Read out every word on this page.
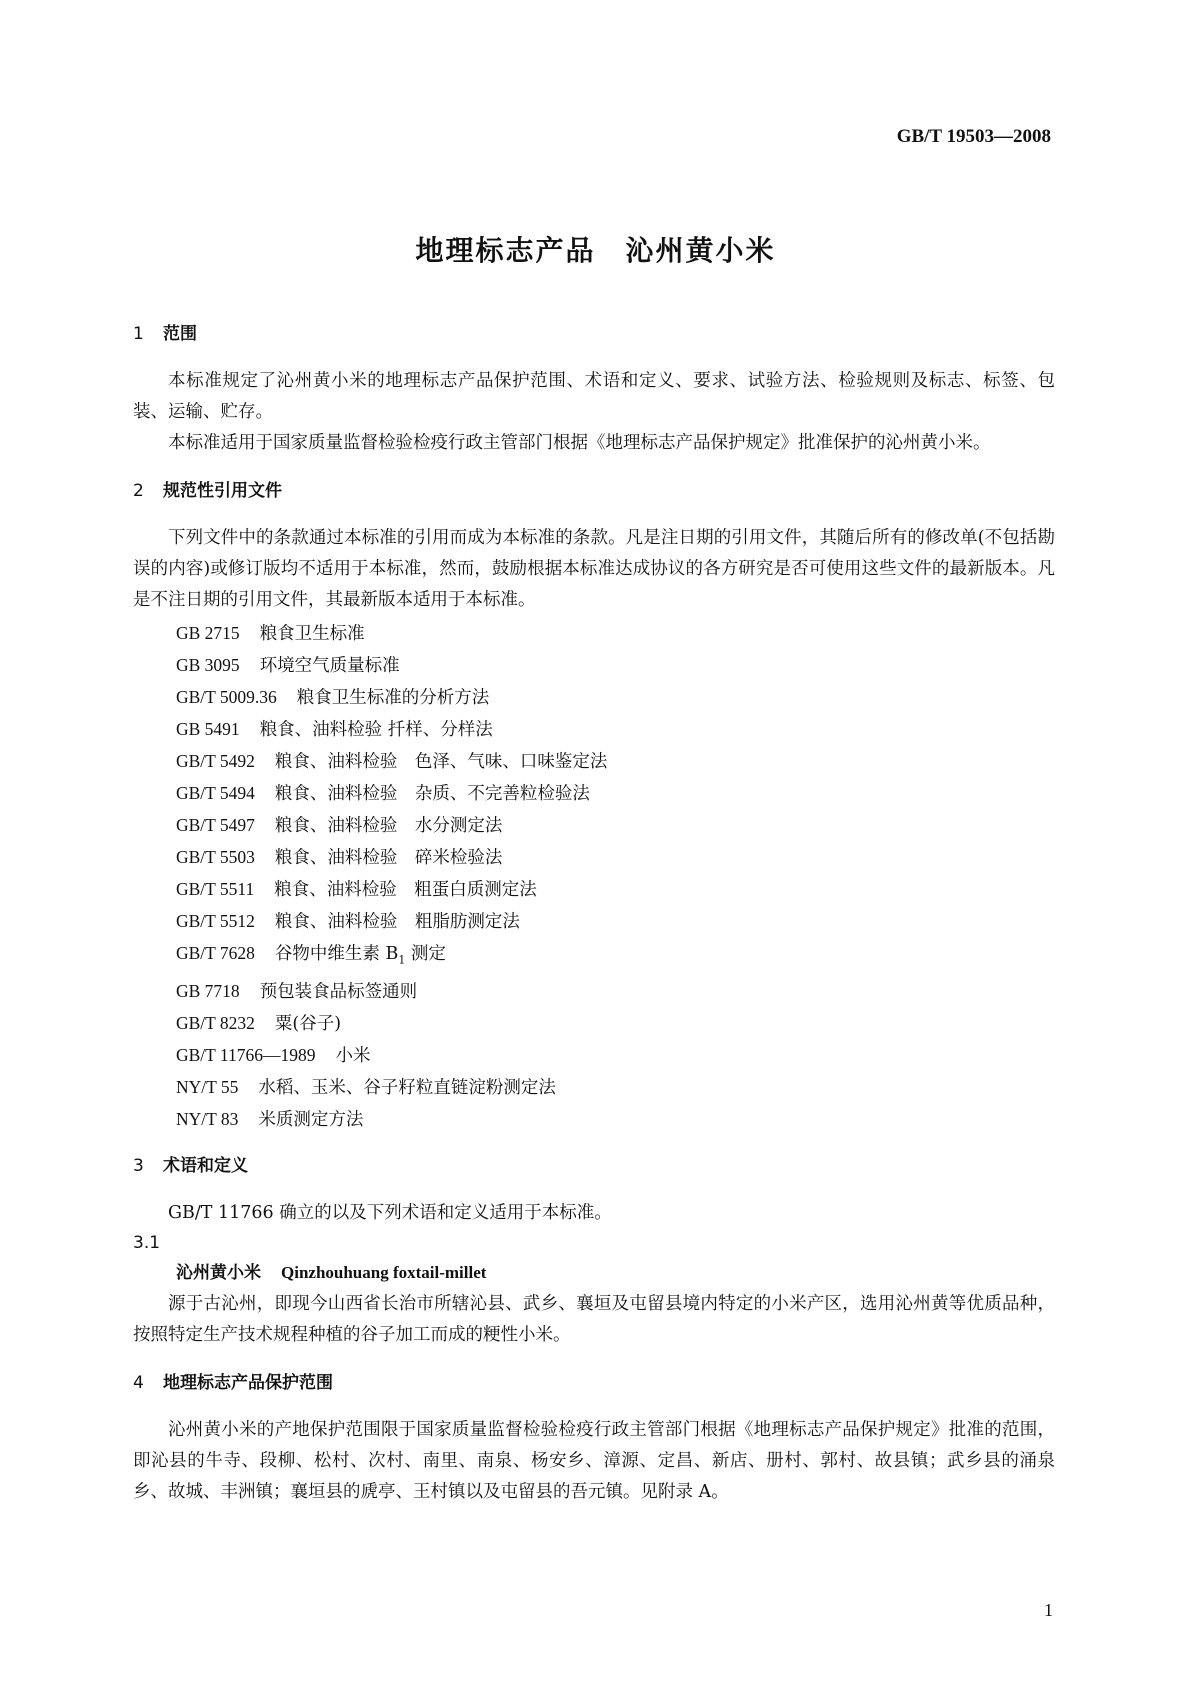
GB/T 19503—2008
地理标志产品　沁州黄小米
1 范围

本标准规定了沁州黄小米的地理标志产品保护范围、术语和定义、要求、试验方法、检验规则及标志、标签、包装、运输、贮存。

本标准适用于国家质量监督检验检疫行政主管部门根据《地理标志产品保护规定》批准保护的沁州黄小米。

2 规范性引用文件

下列文件中的条款通过本标准的引用而成为本标准的条款。凡是注日期的引用文件，其随后所有的修改单(不包括勘误的内容)或修订版均不适用于本标准，然而，鼓励根据本标准达成协议的各方研究是否可使用这些文件的最新版本。凡是不注日期的引用文件，其最新版本适用于本标准。

GB 2715 粮食卫生标准
GB 3095 环境空气质量标准
GB/T 5009.36 粮食卫生标准的分析方法
GB 5491 粮食、油料检验 扦样、分样法
GB/T 5492 粮食、油料检验　色泽、气味、口味鉴定法
GB/T 5494 粮食、油料检验　杂质、不完善粒检验法
GB/T 5497 粮食、油料检验　水分测定法
GB/T 5503 粮食、油料检验　碎米检验法
GB/T 5511 粮食、油料检验　粗蛋白质测定法
GB/T 5512 粮食、油料检验　粗脂肪测定法
GB/T 7628 谷物中维生素 $B_1$ 测定
GB 7718 预包装食品标签通则
GB/T 8232 粟(谷子)
GB/T 11766—1989 小米
NY/T 55 水稻、玉米、谷子籽粒直链淀粉测定法
NY/T 83 米质测定方法
3 术语和定义

GB/T 11766 确立的以及下列术语和定义适用于本标准。

3.1

沁州黄小米 Qinzhouhuang foxtail-millet

源于古沁州，即现今山西省长治市所辖沁县、武乡、襄垣及屯留县境内特定的小米产区，选用沁州黄等优质品种，按照特定生产技术规程种植的谷子加工而成的粳性小米。

4 地理标志产品保护范围

沁州黄小米的产地保护范围限于国家质量监督检验检疫行政主管部门根据《地理标志产品保护规定》批准的范围，即沁县的牛寺、段柳、松村、次村、南里、南泉、杨安乡、漳源、定昌、新店、册村、郭村、故县镇；武乡县的涌泉乡、故城、丰洲镇；襄垣县的虒亭、王村镇以及屯留县的吾元镇。见附录 A。

1
